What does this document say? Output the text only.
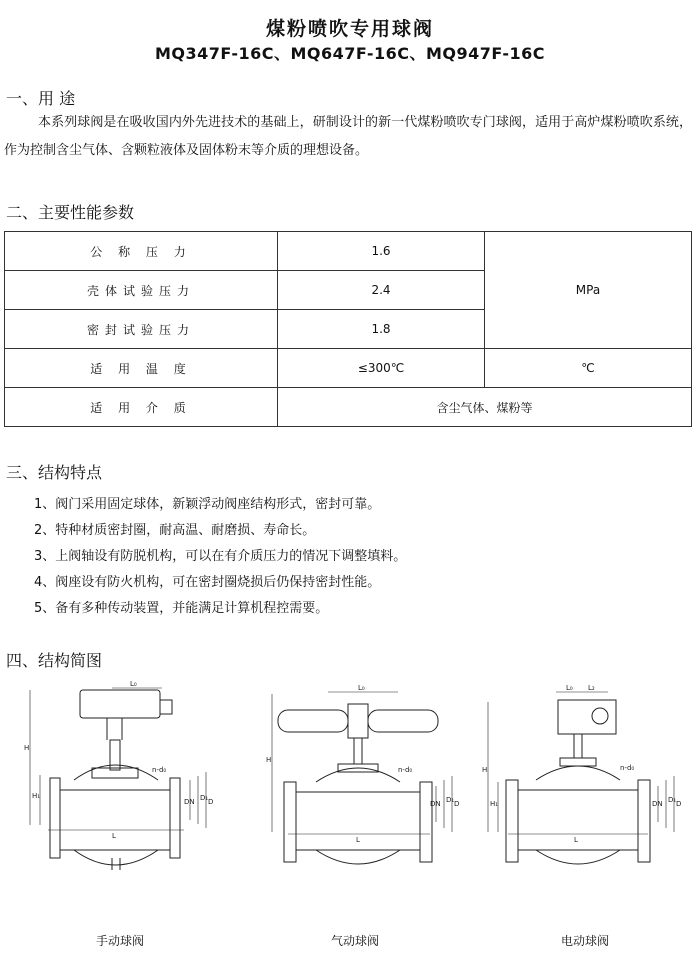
煤粉喷吹专用球阀
MQ347F-16C、MQ647F-16C、MQ947F-16C
一、用 途
本系列球阀是在吸收国内外先进技术的基础上，研制设计的新一代煤粉喷吹专门球阀，适用于高炉煤粉喷吹系统，作为控制含尘气体、含颗粒液体及固体粉末等介质的理想设备。
二、主要性能参数
公 称 压 力	1.6	MPa
壳体试验压力	2.4	
密封试验压力	1.8	
适 用 温 度	≤300℃	℃
适 用 介 质	含尘气体、煤粉等	
三、结构特点
1、阀门采用固定球体，新颖浮动阀座结构形式，密封可靠。
2、特种材质密封圈，耐高温、耐磨损、寿命长。
3、上阀轴设有防脱机构，可以在有介质压力的情况下调整填料。
4、阀座设有防火机构，可在密封圈烧损后仍保持密封性能。
5、备有多种传动装置，并能满足计算机程控需要。
四、结构简图
H
H₁
L₀
L
n-d₀
DN D₁ D
手动球阀
H
L₀
L
n-d₀
DN D₁ D
气动球阀
H
H₁
L₀ L₂
L
n-d₀
DN D₁ D
电动球阀
